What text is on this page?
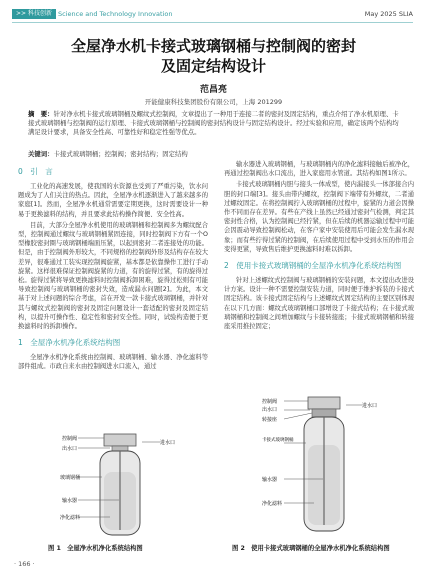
>> 科技创新 Science and Technology Innovation	May 2025 SLIA
全屋净水机卡接式玻璃钢桶与控制阀的密封
及固定结构设计
范昌亮
开能健康科技集团股份有限公司，上海 201299
摘　要：针对净水机卡接式玻璃钢桶及螺纹式控制阀，文章提出了一种用于连接二者的密封及固定结构，重点介绍了净水机原理、卡接式玻璃钢桶与控制阀的运行原理、卡接式玻璃钢桶与控制阀的密封结构设计与固定结构设计。经过实验和应用，确定该两个结构均满足设计要求，具备安全性高、可靠性好和稳定性强等优点。
关键词：卡接式玻璃钢桶；控制阀；密封结构；固定结构
0　引　言
工业化的高速发展，使我国的水资源也受到了严重污染，饮水问题成为了人们关注的热点。因此，全屋净水机逐渐进入了越来越多的家庭[1]。然而，全屋净水机通常需要定期更换，这时需要设计一种易于更换滤料的结构，并且要求此结构操作简便、安全性高。
目前，大部分全屋净水机使用的玻璃钢桶和控制阀多为螺纹配合型，控制阀通过螺纹与玻璃钢桶紧固连接，同时控制阀下方有一个O型橡胶密封圈与玻璃钢桶端面压紧，以起到密封二者连接处的功能。但是，由于控制阀外形较大，不同规格的控制阀外形及结构存在较大差异，很难通过工装实现控制阀旋紧，基本都是依靠操作工进行手动旋紧。这样很难保证控制阀旋紧的力道，有的旋得过紧，有的旋得过松。旋得过紧将导致更换滤料时控制阀拆卸困难，旋得过松则有可能导致控制阀与玻璃钢桶的密封失效，造成漏水问题[2]。为此，本文基于对上述问题的综合考虑，首在开发一款卡接式玻璃钢桶，并针对其与螺纹式控制阀的密封及固定问题设计一套适配的密封及固定结构，以提升可操作性、稳定性和密封安全性。同时，试验构造便于更换滤料时的拆卸操作。
1　全屋净水机净化系统结构图
全屋净水机净化系统由控制阀、玻璃钢桶、输水器、净化滤料等部件组成。市政自来水由控制阀进水口流入，通过
输水器进入玻璃钢桶，与玻璃钢桶内的净化滤料接触后被净化，再通过控制阀出水口流出，进入家庭用水管道。其结构如图1所示。
卡接式玻璃钢桶内胆与接头一体成型，使内漏接头一体部接合内胆的封口端[3]。接头由带内螺纹，控制阀下端带有外螺纹，二者通过螺纹固定。在将控制阀拧入玻璃钢桶的过程中，旋紧的力道会因操作不同而存在差异。有些在产线上虽然已经通过密封气检测，判定其密封性合格，认为控制阀已经拧紧，但在后续的机器运输过程中可能会因震动导致控制阀松动，在客户家中安装使用后可能会发生漏水现象；而有些拧得过紧的控制阀，在后续使用过程中受到水压的作用会变得更紧，导致售后维护更换滤料时难以拆卸。
2　使用卡接式玻璃钢桶的全屋净水机净化系统结构图
针对上述螺纹式控制阀与玻璃钢桶的安装问题，本文提出改进设计方案。设计一种不需要控制安装力道，同时便于维护拆装的卡接式固定结构。该卡接式固定结构与上述螺纹式固定结构的主要区别体现在以下几方面：螺纹式玻璃钢桶口部增设了卡接式结构；在卡接式玻璃钢桶和控制阀之间增加螺纹与卡接转接座；卡接式玻璃钢桶和转接座采用推拉固定；
控制阀
出水口
进水口
玻璃钢桶
输水器
净化滤料
图 1　全屋净水机净化系统结构图
控制阀
出水口
进水口
转接座
卡接式玻璃钢桶
输水器
净化滤料
图 2　使用卡接式玻璃钢桶的全屋净水机净化系统结构图
· 166 ·
